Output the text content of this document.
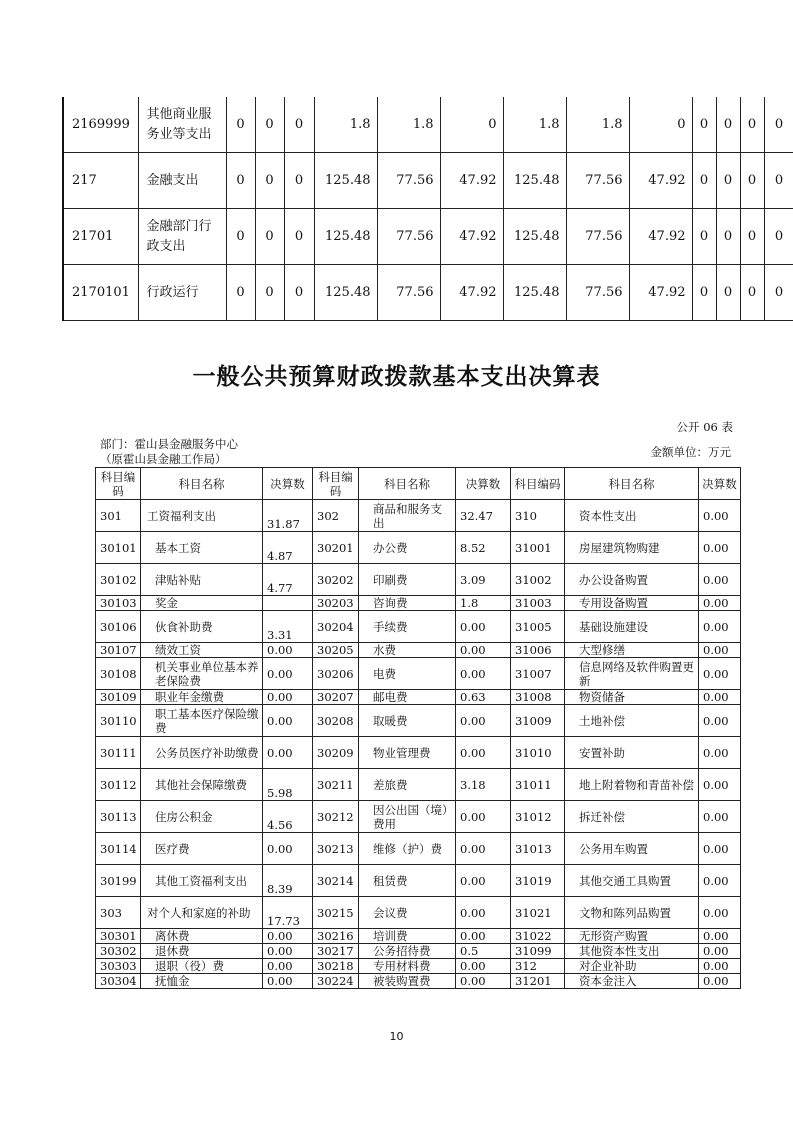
2169999	其他商业服务业等支出	0	0	0	1.8	1.8	0	1.8	1.8	0	0	0	0	0
217	金融支出	0	0	0	125.48	77.56	47.92	125.48	77.56	47.92	0	0	0	0
21701	金融部门行政支出	0	0	0	125.48	77.56	47.92	125.48	77.56	47.92	0	0	0	0
2170101	行政运行	0	0	0	125.48	77.56	47.92	125.48	77.56	47.92	0	0	0	0
一般公共预算财政拨款基本支出决算表
公开 06 表
部门：霍山县金融服务中心
（原霍山县金融工作局）	金额单位：万元
科目编码	科目名称	决算数	科目编码	科目名称	决算数	科目编码	科目名称	决算数
301	工资福利支出	31.87	302	商品和服务支出	32.47	310	资本性支出	0.00
30101	基本工资	4.87	30201	办公费	8.52	31001	房屋建筑物购建	0.00
30102	津贴补贴	4.77	30202	印刷费	3.09	31002	办公设备购置	0.00
30103	奖金		30203	咨询费	1.8	31003	专用设备购置	0.00
30106	伙食补助费	3.31	30204	手续费	0.00	31005	基础设施建设	0.00
30107	绩效工资	0.00	30205	水费	0.00	31006	大型修缮	0.00
30108	机关事业单位基本养老保险费	0.00	30206	电费	0.00	31007	信息网络及软件购置更新	0.00
30109	职业年金缴费	0.00	30207	邮电费	0.63	31008	物资储备	0.00
30110	职工基本医疗保险缴费	0.00	30208	取暖费	0.00	31009	土地补偿	0.00
30111	公务员医疗补助缴费	0.00	30209	物业管理费	0.00	31010	安置补助	0.00
30112	其他社会保障缴费	5.98	30211	差旅费	3.18	31011	地上附着物和青苗补偿	0.00
30113	住房公积金	4.56	30212	因公出国（境）费用	0.00	31012	拆迁补偿	0.00
30114	医疗费	0.00	30213	维修（护）费	0.00	31013	公务用车购置	0.00
30199	其他工资福利支出	8.39	30214	租赁费	0.00	31019	其他交通工具购置	0.00
303	对个人和家庭的补助	17.73	30215	会议费	0.00	31021	文物和陈列品购置	0.00
30301	离休费	0.00	30216	培训费	0.00	31022	无形资产购置	0.00
30302	退休费	0.00	30217	公务招待费	0.5	31099	其他资本性支出	0.00
30303	退职（役）费	0.00	30218	专用材料费	0.00	312	对企业补助	0.00
30304	抚恤金	0.00	30224	被装购置费	0.00	31201	资本金注入	0.00
10
